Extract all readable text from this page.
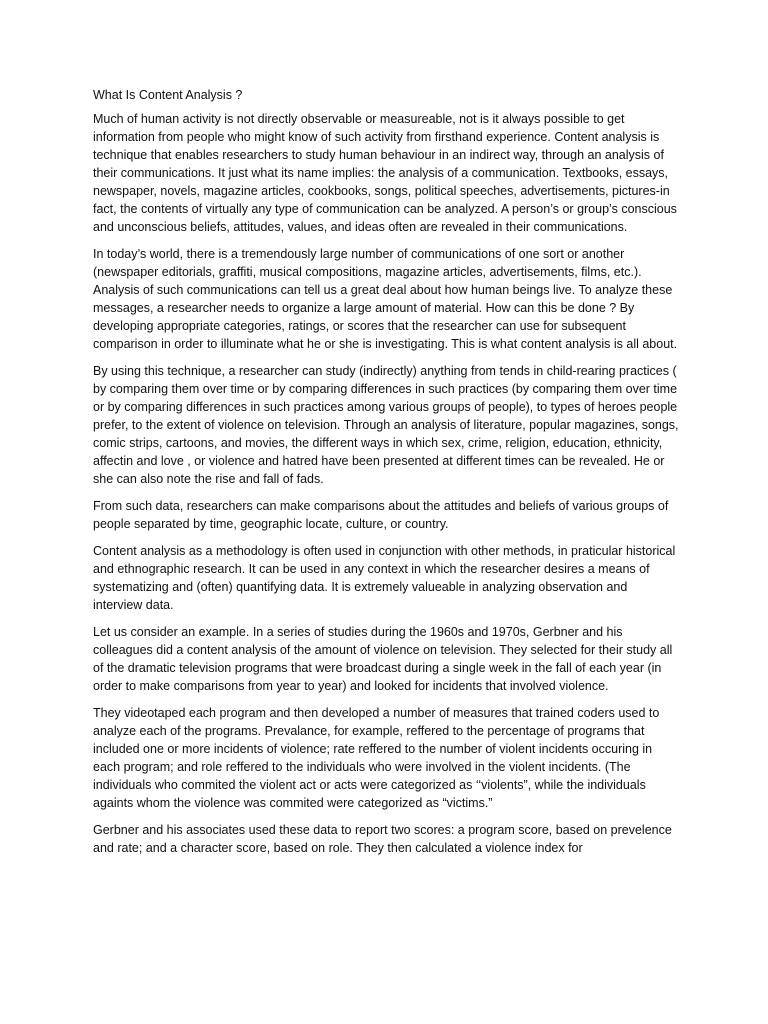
What Is Content Analysis ?

Much of human activity is not directly observable or measureable, not is it always possible to get information from people who might know of such activity from firsthand experience. Content analysis is technique that enables researchers to study human behaviour in an indirect way, through an analysis of their communications. It just what its name implies: the analysis of a communication. Textbooks, essays, newspaper, novels, magazine articles, cookbooks, songs, political speeches, advertisements, pictures-in fact, the contents of virtually any type of communication can be analyzed. A person’s or group’s conscious and unconscious beliefs, attitudes, values, and ideas often are revealed in their communications.

In today’s world, there is a tremendously large number of communications of one sort or another (newspaper editorials, graffiti, musical compositions, magazine articles, advertisements, films, etc.). Analysis of such communications can tell us a great deal about how human beings live. To analyze these messages, a researcher needs to organize a large amount of material. How can this be done ? By developing appropriate categories, ratings, or scores that the researcher can use for subsequent comparison in order to illuminate what he or she is investigating. This is what content analysis is all about.

By using this technique, a researcher can study (indirectly) anything from tends in child-rearing practices ( by comparing them over time or by comparing differences in such practices (by comparing them over time or by comparing differences in such practices among various groups of people), to types of heroes people prefer, to the extent of violence on television. Through an analysis of literature, popular magazines, songs, comic strips, cartoons, and movies, the different ways in which sex, crime, religion, education, ethnicity, affectin and love , or violence and hatred have been presented at different times can be revealed. He or she can also note the rise and fall of fads.

From such data, researchers can make comparisons about the attitudes and beliefs of various groups of people separated by time, geographic locate, culture, or country.

Content analysis as a methodology is often used in conjunction with other methods, in praticular historical and ethnographic research. It can be used in any context in which the researcher desires a means of systematizing and (often) quantifying data. It is extremely valueable in analyzing observation and interview data.

Let us consider an example. In a series of studies during the 1960s and 1970s, Gerbner and his colleagues did a content analysis of the amount of violence on television. They selected for their study all of the dramatic television programs that were broadcast during a single week in the fall of each year (in order to make comparisons from year to year) and looked for incidents that involved violence.

They videotaped each program and then developed a number of measures that trained coders used to analyze each of the programs. Prevalance, for example, reffered to the percentage of programs that included one or more incidents of violence; rate reffered to the number of violent incidents occuring in each program; and role reffered to the individuals who were involved in the violent incidents. (The individuals who commited the violent act or acts were categorized as ‘‘violents”, while the individuals againts whom the violence was commited were categorized as “victims.”

Gerbner and his associates used these data to report two scores: a program score, based on prevelence and rate; and a character score, based on role. They then calculated a violence index for
